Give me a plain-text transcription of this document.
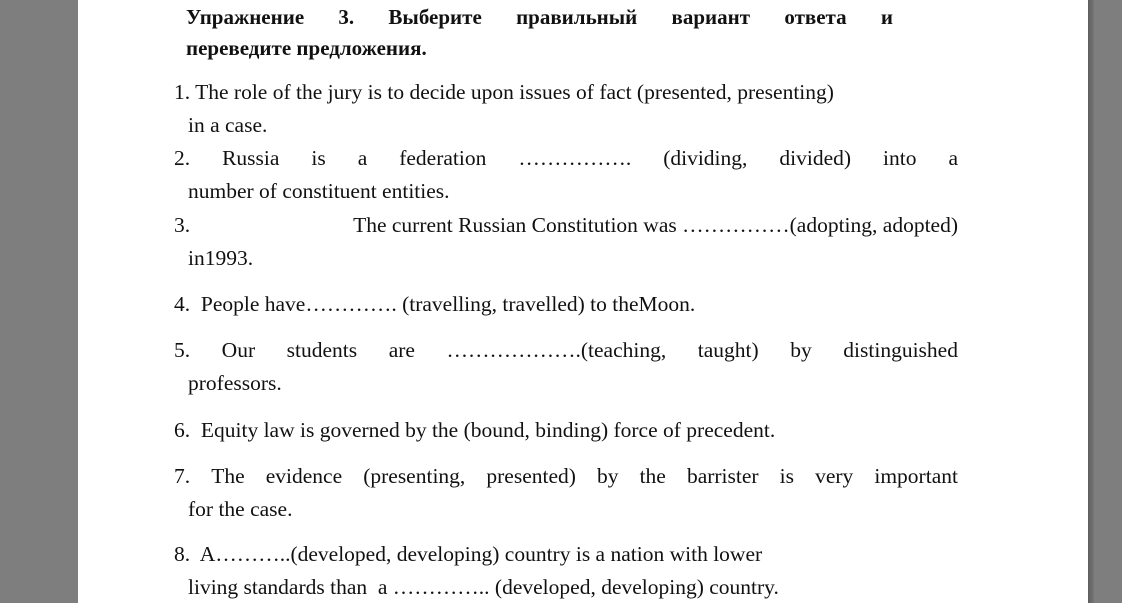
Упражнение 3. Выберите правильный вариант ответа и
переведите предложения.
1. The role of the jury is to decide upon issues of fact (presented, presenting)
in a case.
2. Russia is a federation ……………. (dividing, divided) into a
number of constituent entities.
3.	The current Russian Constitution was ……………(adopting, adopted)
in1993.
4.  People have…………. (travelling, travelled) to theMoon.
5. Our students are ……………….(teaching, taught) by distinguished
professors.
6.  Equity law is governed by the (bound, binding) force of precedent.
7. The evidence (presenting, presented) by the barrister is very important
for the case.
8.  A………..(developed, developing) country is a nation with lower
living standards than  a ………….. (developed, developing) country.
